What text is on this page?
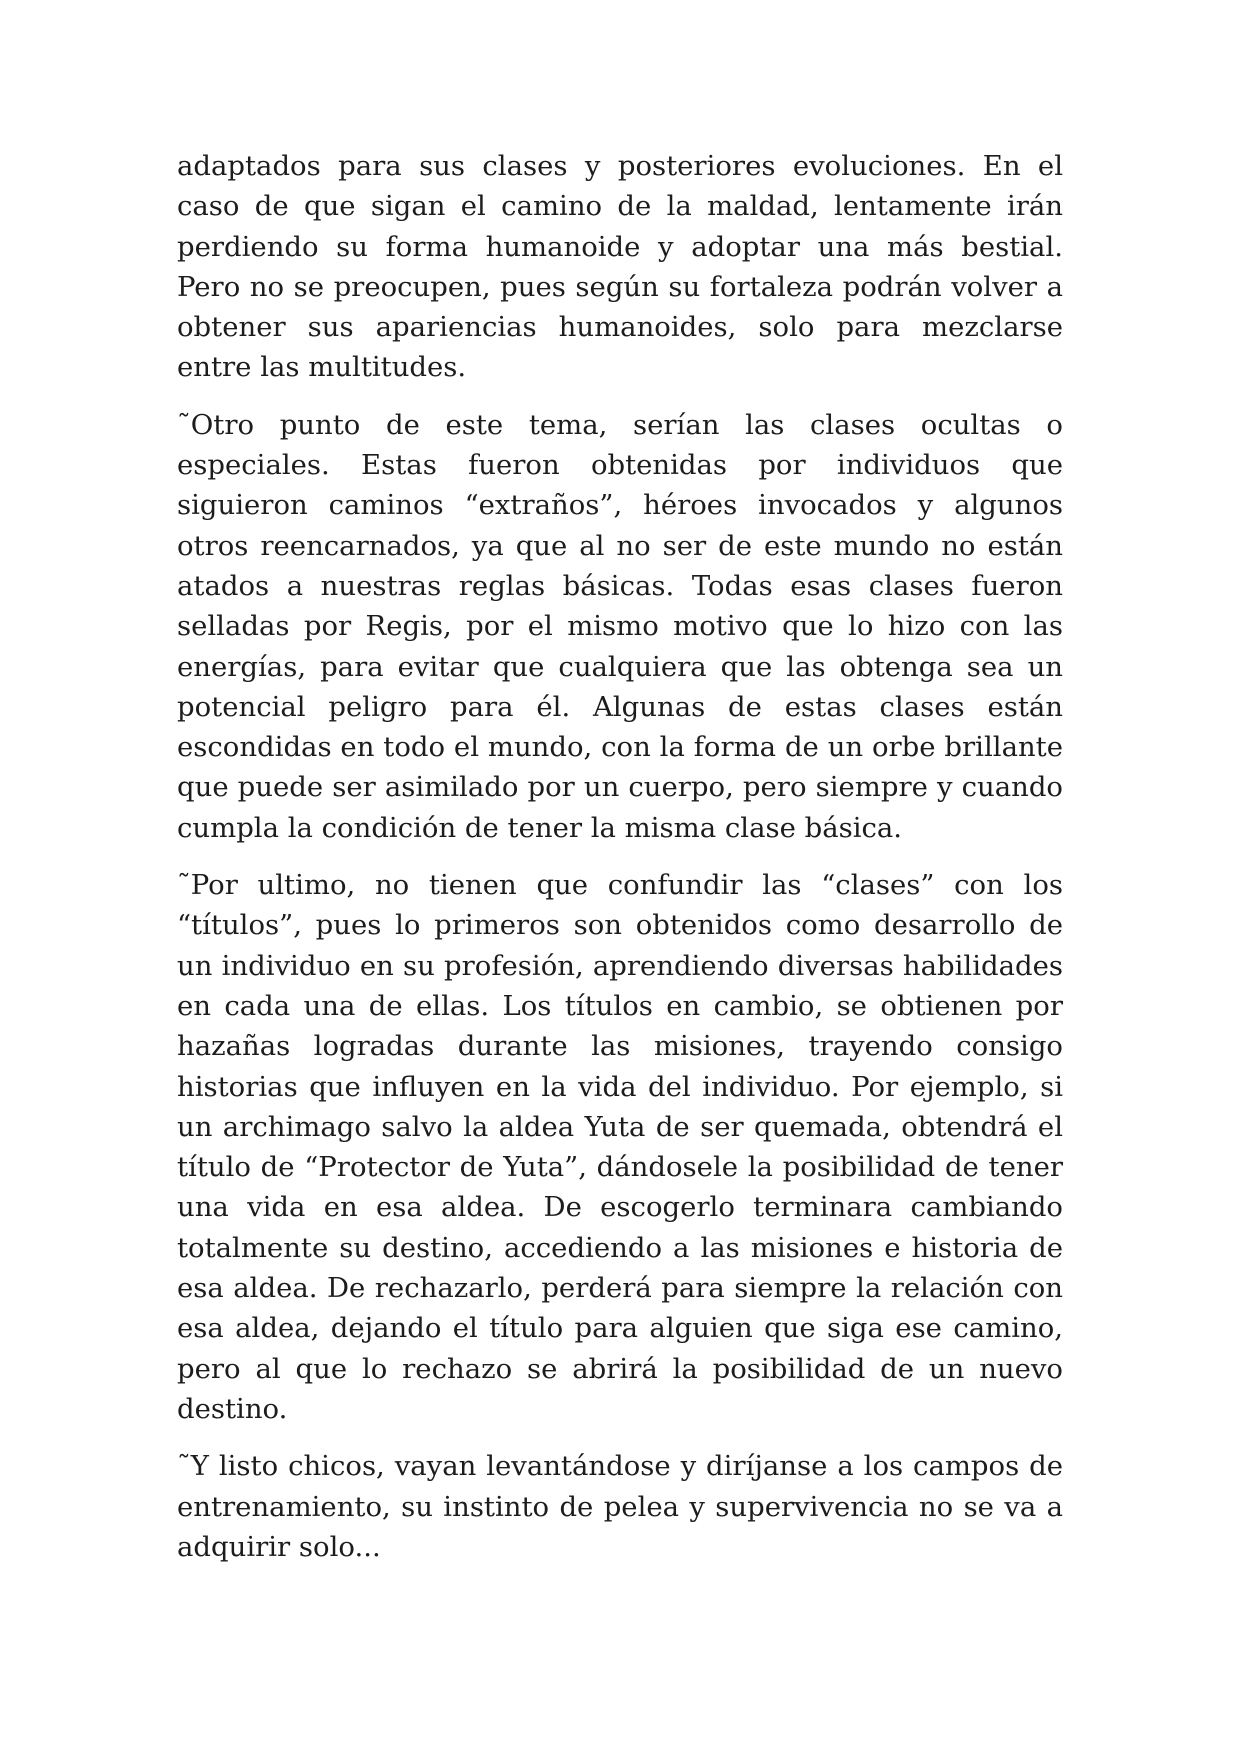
adaptados para sus clases y posteriores evoluciones. En el caso de que sigan el camino de la maldad, lentamente irán perdiendo su forma humanoide y adoptar una más bestial. Pero no se preocupen, pues según su fortaleza podrán volver a obtener sus apariencias humanoides, solo para mezclarse entre las multitudes.

˜Otro punto de este tema, serían las clases ocultas o especiales. Estas fueron obtenidas por individuos que siguieron caminos “extraños”, héroes invocados y algunos otros reencarnados, ya que al no ser de este mundo no están atados a nuestras reglas básicas. Todas esas clases fueron selladas por Regis, por el mismo motivo que lo hizo con las energías, para evitar que cualquiera que las obtenga sea un potencial peligro para él. Algunas de estas clases están escondidas en todo el mundo, con la forma de un orbe brillante que puede ser asimilado por un cuerpo, pero siempre y cuando cumpla la condición de tener la misma clase básica.

˜Por ultimo, no tienen que confundir las “clases” con los “títulos”, pues lo primeros son obtenidos como desarrollo de un individuo en su profesión, aprendiendo diversas habilidades en cada una de ellas. Los títulos en cambio, se obtienen por hazañas logradas durante las misiones, trayendo consigo historias que influyen en la vida del individuo. Por ejemplo, si un archimago salvo la aldea Yuta de ser quemada, obtendrá el título de “Protector de Yuta”, dándosele la posibilidad de tener una vida en esa aldea. De escogerlo terminara cambiando totalmente su destino, accediendo a las misiones e historia de esa aldea. De rechazarlo, perderá para siempre la relación con esa aldea, dejando el título para alguien que siga ese camino, pero al que lo rechazo se abrirá la posibilidad de un nuevo destino.

˜Y listo chicos, vayan levantándose y diríjanse a los campos de entrenamiento, su instinto de pelea y supervivencia no se va a adquirir solo...
